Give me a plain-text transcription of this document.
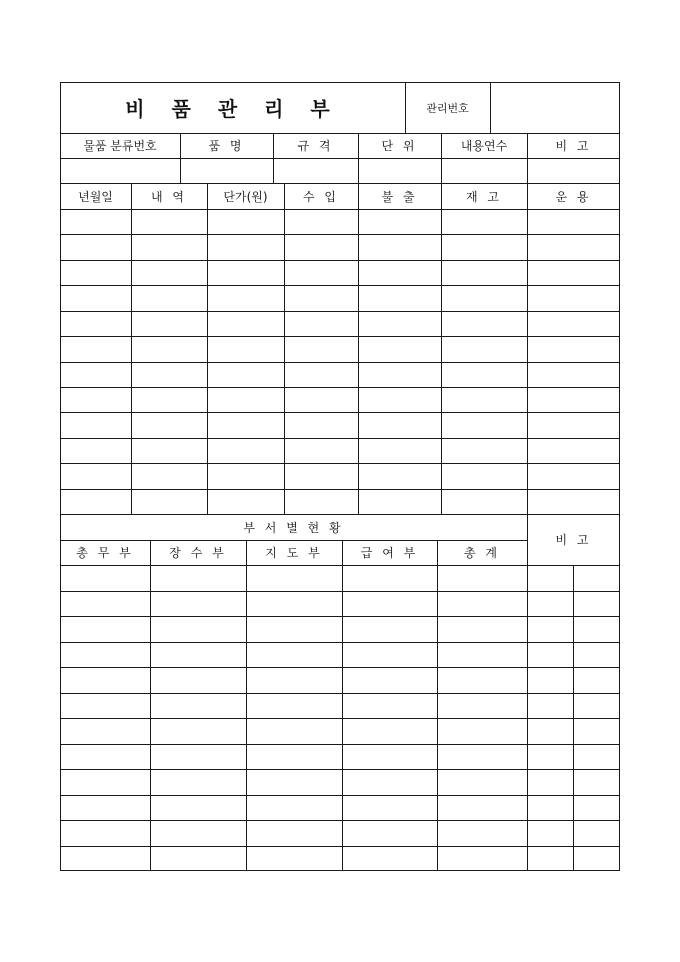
비 품 관 리 부	관리번호
물품 분류번호	품 명	규 격	단 위	내용연수	비 고
년월일	내 역	단가(원)	수 입	불 출	재 고	운 용
부 서 별 현 황
비 고
총 무 부	장 수 부	지 도 부	급 여 부	총 계
